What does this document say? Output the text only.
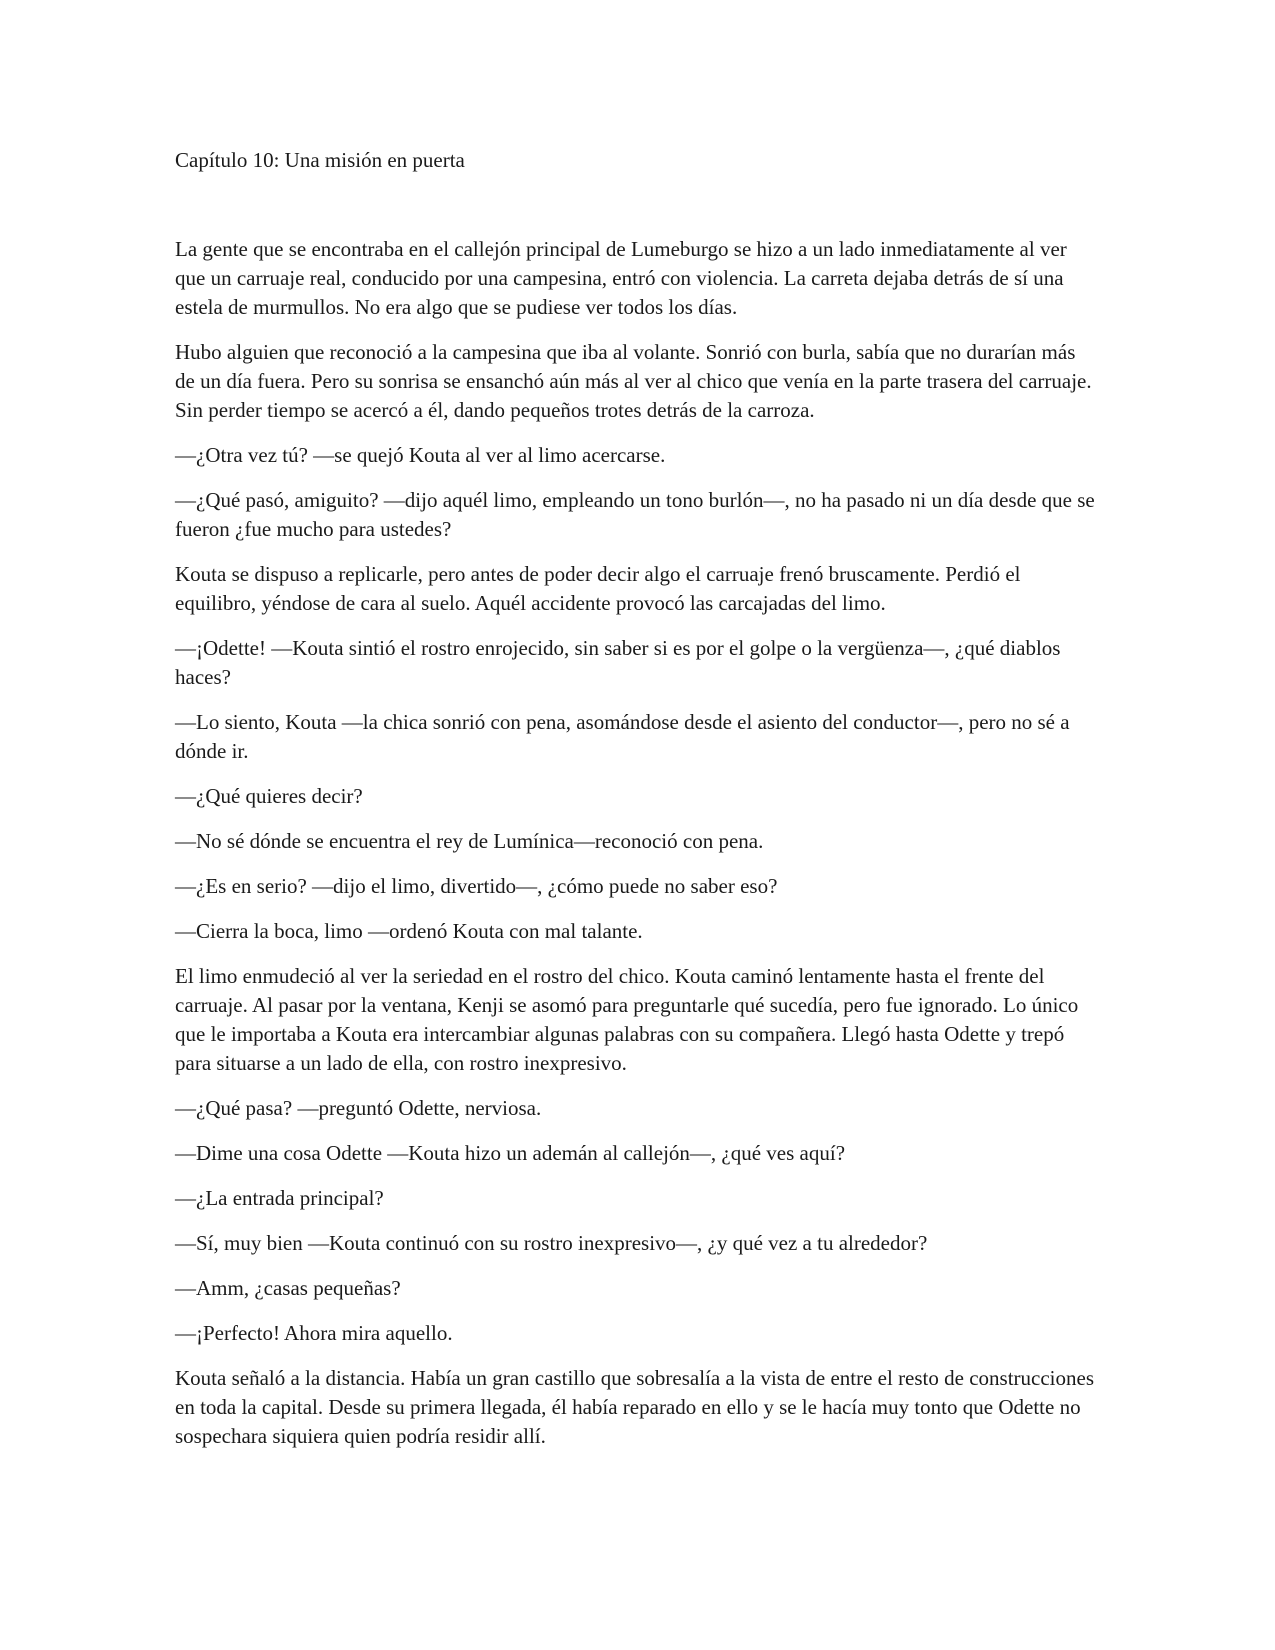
Capítulo 10: Una misión en puerta

La gente que se encontraba en el callejón principal de Lumeburgo se hizo a un lado inmediatamente al ver que un carruaje real, conducido por una campesina, entró con violencia. La carreta dejaba detrás de sí una estela de murmullos. No era algo que se pudiese ver todos los días.

Hubo alguien que reconoció a la campesina que iba al volante. Sonrió con burla, sabía que no durarían más de un día fuera. Pero su sonrisa se ensanchó aún más al ver al chico que venía en la parte trasera del carruaje. Sin perder tiempo se acercó a él, dando pequeños trotes detrás de la carroza.

—¿Otra vez tú? —se quejó Kouta al ver al limo acercarse.

—¿Qué pasó, amiguito? —dijo aquél limo, empleando un tono burlón—, no ha pasado ni un día desde que se fueron ¿fue mucho para ustedes?

Kouta se dispuso a replicarle, pero antes de poder decir algo el carruaje frenó bruscamente. Perdió el equilibro, yéndose de cara al suelo. Aquél accidente provocó las carcajadas del limo.

—¡Odette! —Kouta sintió el rostro enrojecido, sin saber si es por el golpe o la vergüenza—, ¿qué diablos haces?

—Lo siento, Kouta —la chica sonrió con pena, asomándose desde el asiento del conductor—, pero no sé a dónde ir.

—¿Qué quieres decir?

—No sé dónde se encuentra el rey de Lumínica—reconoció con pena.

—¿Es en serio? —dijo el limo, divertido—, ¿cómo puede no saber eso?

—Cierra la boca, limo —ordenó Kouta con mal talante.

El limo enmudeció al ver la seriedad en el rostro del chico. Kouta caminó lentamente hasta el frente del carruaje. Al pasar por la ventana, Kenji se asomó para preguntarle qué sucedía, pero fue ignorado. Lo único que le importaba a Kouta era intercambiar algunas palabras con su compañera. Llegó hasta Odette y trepó para situarse a un lado de ella, con rostro inexpresivo.

—¿Qué pasa? —preguntó Odette, nerviosa.

—Dime una cosa Odette —Kouta hizo un ademán al callejón—, ¿qué ves aquí?

—¿La entrada principal?

—Sí, muy bien —Kouta continuó con su rostro inexpresivo—, ¿y qué vez a tu alrededor?

—Amm, ¿casas pequeñas?

—¡Perfecto! Ahora mira aquello.

Kouta señaló a la distancia. Había un gran castillo que sobresalía a la vista de entre el resto de construcciones en toda la capital. Desde su primera llegada, él había reparado en ello y se le hacía muy tonto que Odette no sospechara siquiera quien podría residir allí.
